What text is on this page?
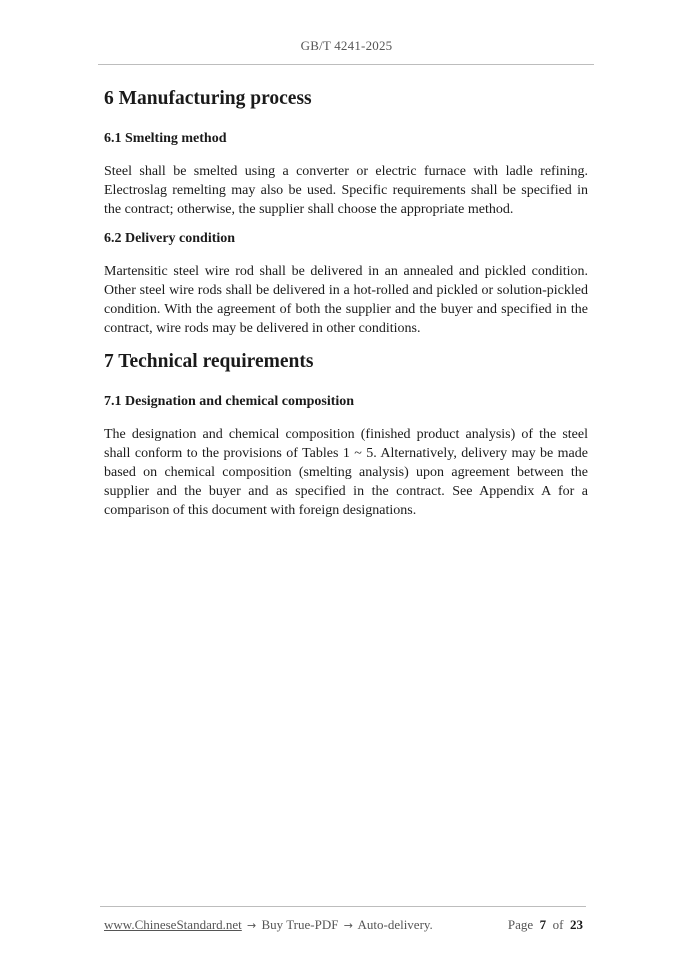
GB/T 4241-2025
6 Manufacturing process
6.1 Smelting method

Steel shall be smelted using a converter or electric furnace with ladle refining. Electroslag remelting may also be used. Specific requirements shall be specified in the contract; otherwise, the supplier shall choose the appropriate method.

6.2 Delivery condition

Martensitic steel wire rod shall be delivered in an annealed and pickled condition. Other steel wire rods shall be delivered in a hot-rolled and pickled or solution-pickled condition. With the agreement of both the supplier and the buyer and specified in the contract, wire rods may be delivered in other conditions.

7 Technical requirements
7.1 Designation and chemical composition

The designation and chemical composition (finished product analysis) of the steel shall conform to the provisions of Tables 1 ~ 5. Alternatively, delivery may be made based on chemical composition (smelting analysis) upon agreement between the supplier and the buyer and as specified in the contract. See Appendix A for a comparison of this document with foreign designations.

www.ChineseStandard.net → Buy True-PDF → Auto-delivery.	Page 7 of 23
